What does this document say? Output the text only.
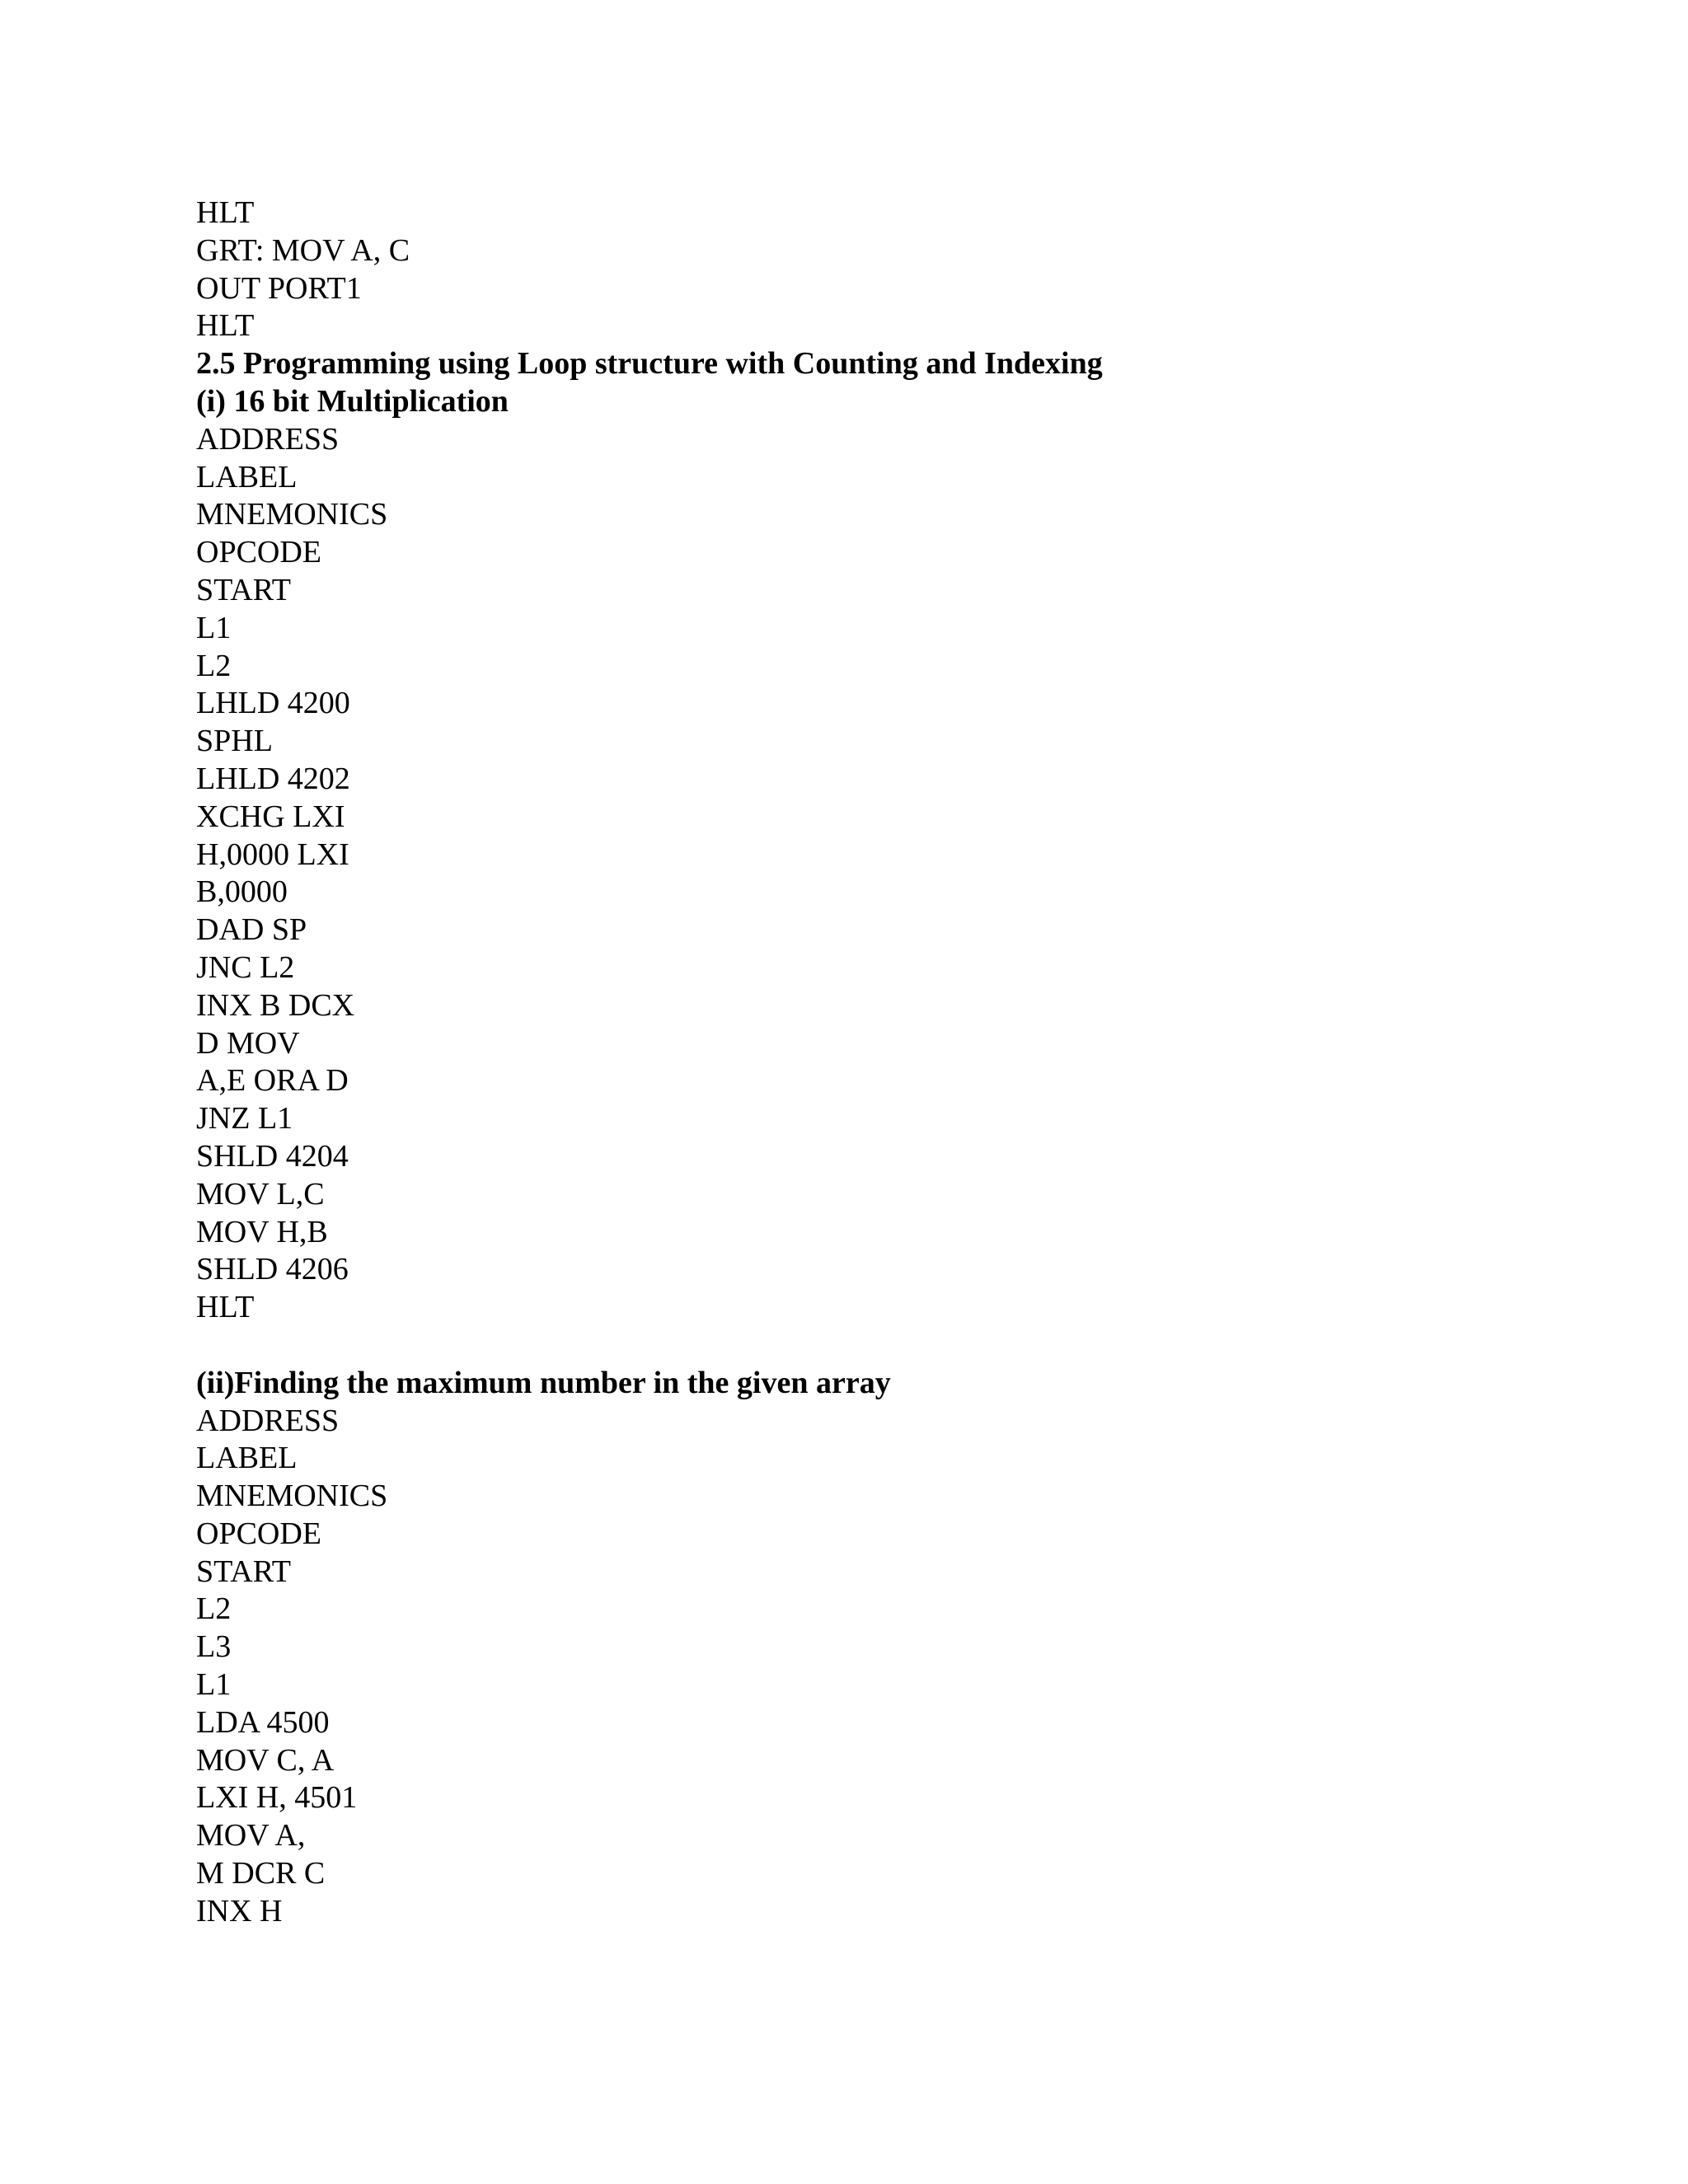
HLT
GRT: MOV A, C
OUT PORT1
HLT
2.5 Programming using Loop structure with Counting and Indexing
(i) 16 bit Multiplication
ADDRESS
LABEL
MNEMONICS
OPCODE
START
L1
L2
LHLD 4200
SPHL
LHLD 4202
XCHG LXI
H,0000 LXI
B,0000
DAD SP
JNC L2
INX B DCX
D MOV
A,E ORA D
JNZ L1
SHLD 4204
MOV L,C
MOV H,B
SHLD 4206
HLT
(ii)Finding the maximum number in the given array
ADDRESS
LABEL
MNEMONICS
OPCODE
START
L2
L3
L1
LDA 4500
MOV C, A
LXI H, 4501
MOV A,
M DCR C
INX H
